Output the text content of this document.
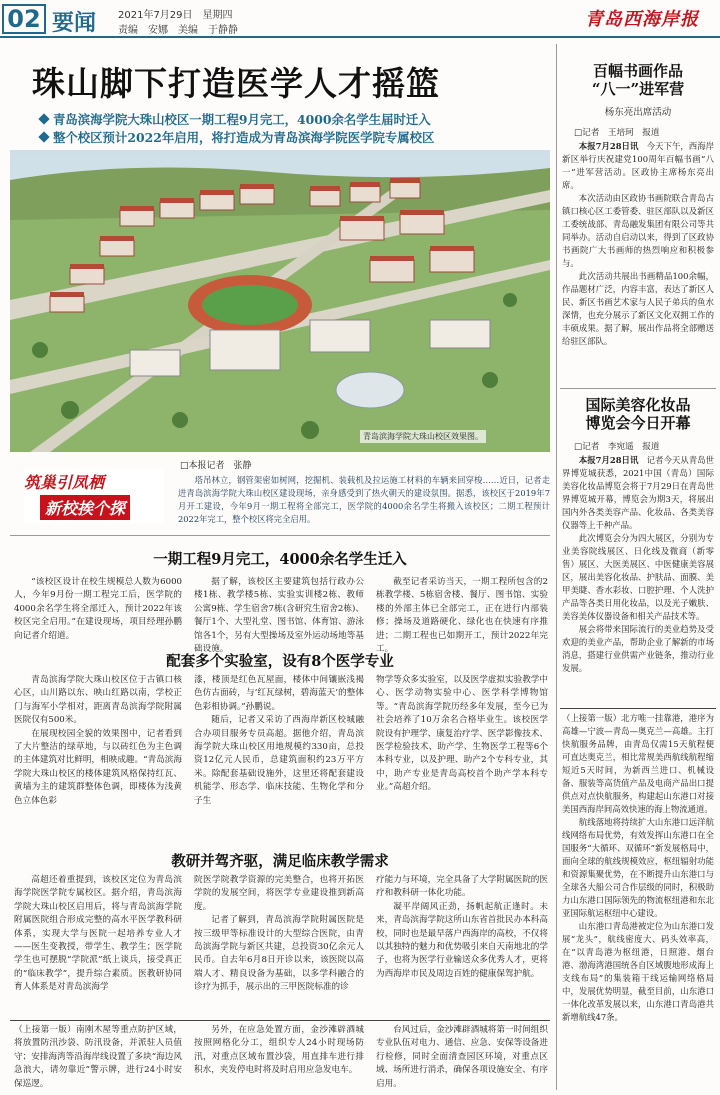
02 要闻 2021年7月29日　星期四
责编　安娜　美编　于静静
青岛西海岸报
珠山脚下打造医学人才摇篮
青岛滨海学院大珠山校区一期工程9月完工，4000余名学生届时迁入
整个校区预计2022年启用，将打造成为青岛滨海学院医学院专属校区
青岛滨海学院大珠山校区效果图。
□本报记者　张静
筑巢引凤栖
新校挨个探

塔吊林立，钢管架密如树网，挖掘机、装载机及拉运施工材料的车辆来回穿梭……近日，记者走进青岛滨海学院大珠山校区建设现场，亲身感受到了热火朝天的建设氛围。据悉，该校区于2019年7月开工建设，今年9月一期工程将全部完工，医学院的4000余名学生将搬入该校区；二期工程预计2022年完工，整个校区将完全启用。

一期工程9月完工，4000余名学生迁入

“该校区设计在校生规模总人数为6000人，今年9月份一期工程完工后，医学院的4000余名学生将全部迁入，预计2022年该校区完全启用。”在建设现场，项目经理孙鹏向记者介绍道。

据了解，该校区主要建筑包括行政办公楼1栋、教学楼5栋、实验实训楼2栋、教师公寓9栋、学生宿舍7栋(含研究生宿舍2栋)、餐厅1个、大型礼堂、图书馆、体育馆、游泳馆各1个，另有大型操场及室外运动场地等基础设施。

截至记者采访当天，一期工程所包含的2栋教学楼、5栋宿舍楼、餐厅、图书馆、实验楼的外部主体已全部完工，正在进行内部装修；操场及道路硬化、绿化也在快速有序推进；二期工程也已如期开工，预计2022年完工。

配套多个实验室，设有8个医学专业

青岛滨海学院大珠山校区位于古镇口核心区，山川路以东、映山红路以南，学校正门与海军小学相对，距离青岛滨海学院附属医院仅有500米。

在展现校园全貌的效果图中，记者看到了大片整洁的绿草地，与以砖红色为主色调的主体建筑对比鲜明，相映成趣。“青岛滨海学院大珠山校区的楼体建筑风格保持红瓦、黄墙为主的建筑群整体色调，即楼体为浅黄色立体色彩

漆，楼顶是红色瓦屋面，楼体中间镶嵌浅褐色仿古面砖，与‘红瓦绿树，碧海蓝天’的整体色彩相协调。”孙鹏说。

随后，记者又采访了西海岸新区校城融合办项目服务专员高超。据他介绍，青岛滨海学院大珠山校区用地规模约330亩，总投资12亿元人民币，总建筑面积约23万平方米。除配套基础设施外，这里还将配套建设机能学、形态学、临床技能、生物化学和分子生

物学等众多实验室，以及医学虚拟实验教学中心、医学动物实验中心、医学科学博物馆等。“青岛滨海学院历经多年发展，至今已为社会培养了10万余名合格毕业生。该校医学院设有护理学、康复治疗学、医学影像技术、医学检验技术、助产学、生物医学工程等6个本科专业，以及护理、助产2个专科专业，其中，助产专业是青岛高校首个助产学本科专业。”高超介绍。

教研并驾齐驱，满足临床教学需求

高超还着重提到，该校区定位为青岛滨海学院医学院专属校区。据介绍，青岛滨海学院大珠山校区启用后，将与青岛滨海学院附属医院组合形成完整的高水平医学教科研体系，实现大学与医院一起培养专业人才——医生变教授，带学生、教学生；医学院学生也可摆脱“学院派”纸上谈兵，接受真正的“临床教学”，提升综合素质。医教研协同育人体系是对青岛滨海学

院医学院教学资源的完美整合，也将开拓医学院的发展空间，将医学专业建设推到新高度。

记者了解到，青岛滨海学院附属医院是按三级甲等标准设计的大型综合医院，由青岛滨海学院与新区共建，总投资30亿余元人民币。自去年6月8日开诊以来，该医院以高端人才、精良设备为基础，以多学科融合的诊疗为抓手，展示出的三甲医院标准的诊

疗能力与环境，完全具备了大学附属医院的医疗和教科研一体化功能。

凝平岸阔风正劲，扬帆起航正逢时。未来，青岛滨海学院这所山东省首批民办本科高校，同时也是最早落户西海岸的高校，不仅将以其独特的魅力和优势吸引来自天南地北的学子，也将为医学行业输送众多优秀人才，更将为西海岸市民及周边百姓的健康保驾护航。

（上接第一版）南刚木屋等重点防护区域，将放置防汛沙袋、防汛设备，并派驻人员值守；安排海湾等沿海岸线设置了多块“海边风急浪大，请勿靠近”警示牌，进行24小时安保巡逻。

另外，在应急处置方面，金沙滩辟酒城按照网格化分工，组织专人24小时现场防汛，对重点区域布置沙袋，用直排车进行排积水，夹发停电时将及时启用应急发电车。

台风过后，金沙滩辟酒城将第一时间组织专业队伍对电力、通信、应急、安保等设备进行检修，同时全面清查园区环境，对重点区域、场所进行消杀，确保各项设施安全、有序启用。

百幅书画作品
“八一”进军营
杨东亮出席活动
□记者　王培珂　报道

本报7月28日讯　 今天下午，西海岸新区举行庆祝建党100周年百幅书画“八一”进军营活动。区政协主席杨东亮出席。

本次活动由区政协书画院联合青岛古镇口核心区工委管委、驻区部队以及新区工委统战部、青岛融发集团有限公司等共同举办。活动自启动以来，得到了区政协书画院广大书画师的热烈响应和积极参与。

此次活动共展出书画精品100余幅，作品题材广泛，内容丰富，表达了新区人民、新区书画艺术家与人民子弟兵的鱼水深情，也充分展示了新区文化双拥工作的丰硕成果。据了解，展出作品将全部赠送给驻区部队。

国际美容化妆品
博览会今日开幕
□记者　李宛遥　报道

本报7月28日讯　 记者今天从青岛世界博览城获悉，2021中国（青岛）国际美容化妆品博览会将于7月29日在青岛世界博览城开幕，博览会为期3天，将展出国内外各类美容产品、化妆品、各类美容仪器等上千种产品。

此次博览会分为四大展区，分别为专业美容院线展区、日化线及微商（新零售）展区、大医美展区、中医健康美容展区，展出美容化妆品、护肤品、面膜、美甲美睫、香水彩妆、口腔护理、个人洗护产品等各类日用化妆品，以及光子嫩肤、美容美体仪器设备和相关产品技术等。

展会将带来国际流行的美业趋势及受欢迎的美业产品，帮助企业了解新的市场消息，搭建行业供需产业链条，推动行业发展。

（上接第一版）北方唯一挂靠港，港序为高雄—宁波—青岛—奥克兰—高雄。主打快航服务品牌，由青岛仅需15天航程便可直达奥克兰，相比常规美西航线航程缩短近5天时间，为新西兰进口、机械设备、服装等高货值产品及电商产品出口提供点对点快航服务，构建起山东港口对接美国西海岸间高效快速的海上物流通道。

航线落地将持续扩大山东港口远洋航线网络布局优势，有效发挥山东港口在全国服务“大循环、双循环”新发展格局中，面向全球的航线规模效应，枢纽辐射功能和资源集聚优势，在不断提升山东港口与全球各大船公司合作层级的同时，积极助力山东港口国际领先的物流枢纽港和东北亚国际航运枢纽中心建设。

山东港口青岛港被定位为山东港口发展“龙头”，航线密度大、码头效率高，在“以青岛港为枢纽港，日照港、烟台港、渤海湾港国统各自区域腹地形成海上支线布局”的集装箱干线运输网络格局中，发展优势明显，截至目前，山东港口一体化改革发展以来，山东港口青岛港共新增航线47条。
